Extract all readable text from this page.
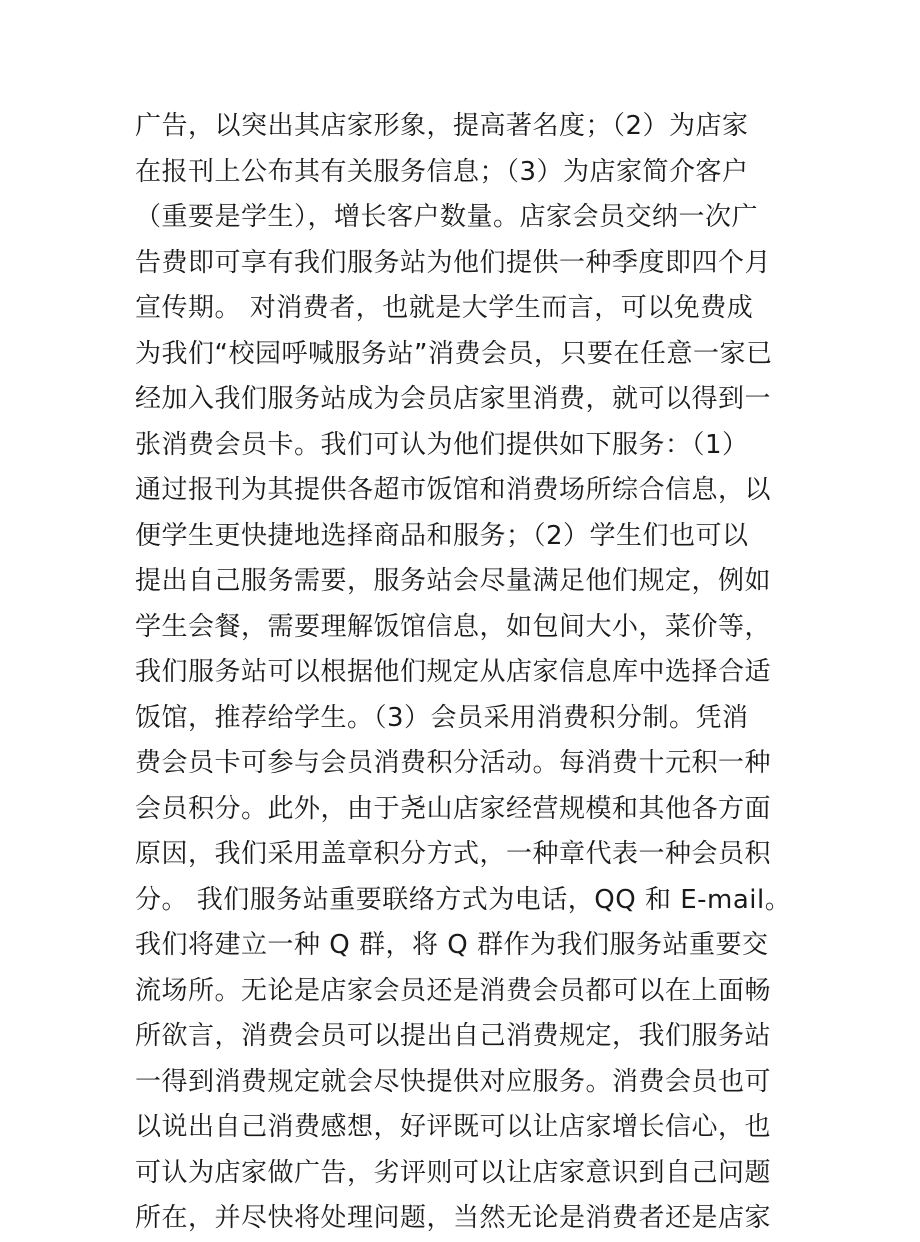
广告，以突出其店家形象，提高著名度；（2）为店家
在报刊上公布其有关服务信息；（3）为店家简介客户
（重要是学生），增长客户数量。店家会员交纳一次广
告费即可享有我们服务站为他们提供一种季度即四个月
宣传期。 对消费者，也就是大学生而言，可以免费成
为我们“校园呼喊服务站”消费会员，只要在任意一家已
经加入我们服务站成为会员店家里消费，就可以得到一
张消费会员卡。我们可认为他们提供如下服务：（1）
通过报刊为其提供各超市饭馆和消费场所综合信息，以
便学生更快捷地选择商品和服务；（2）学生们也可以
提出自己服务需要，服务站会尽量满足他们规定，例如
学生会餐，需要理解饭馆信息，如包间大小，菜价等，
我们服务站可以根据他们规定从店家信息库中选择合适
饭馆，推荐给学生。（3）会员采用消费积分制。凭消
费会员卡可参与会员消费积分活动。每消费十元积一种
会员积分。此外，由于尧山店家经营规模和其他各方面
原因，我们采用盖章积分方式，一种章代表一种会员积
分。 我们服务站重要联络方式为电话，QQ 和 E-mail。
我们将建立一种 Q 群，将 Q 群作为我们服务站重要交
流场所。无论是店家会员还是消费会员都可以在上面畅
所欲言，消费会员可以提出自己消费规定，我们服务站
一得到消费规定就会尽快提供对应服务。消费会员也可
以说出自己消费感想，好评既可以让店家增长信心，也
可认为店家做广告，劣评则可以让店家意识到自己问题
所在，并尽快将处理问题，当然无论是消费者还是店家
